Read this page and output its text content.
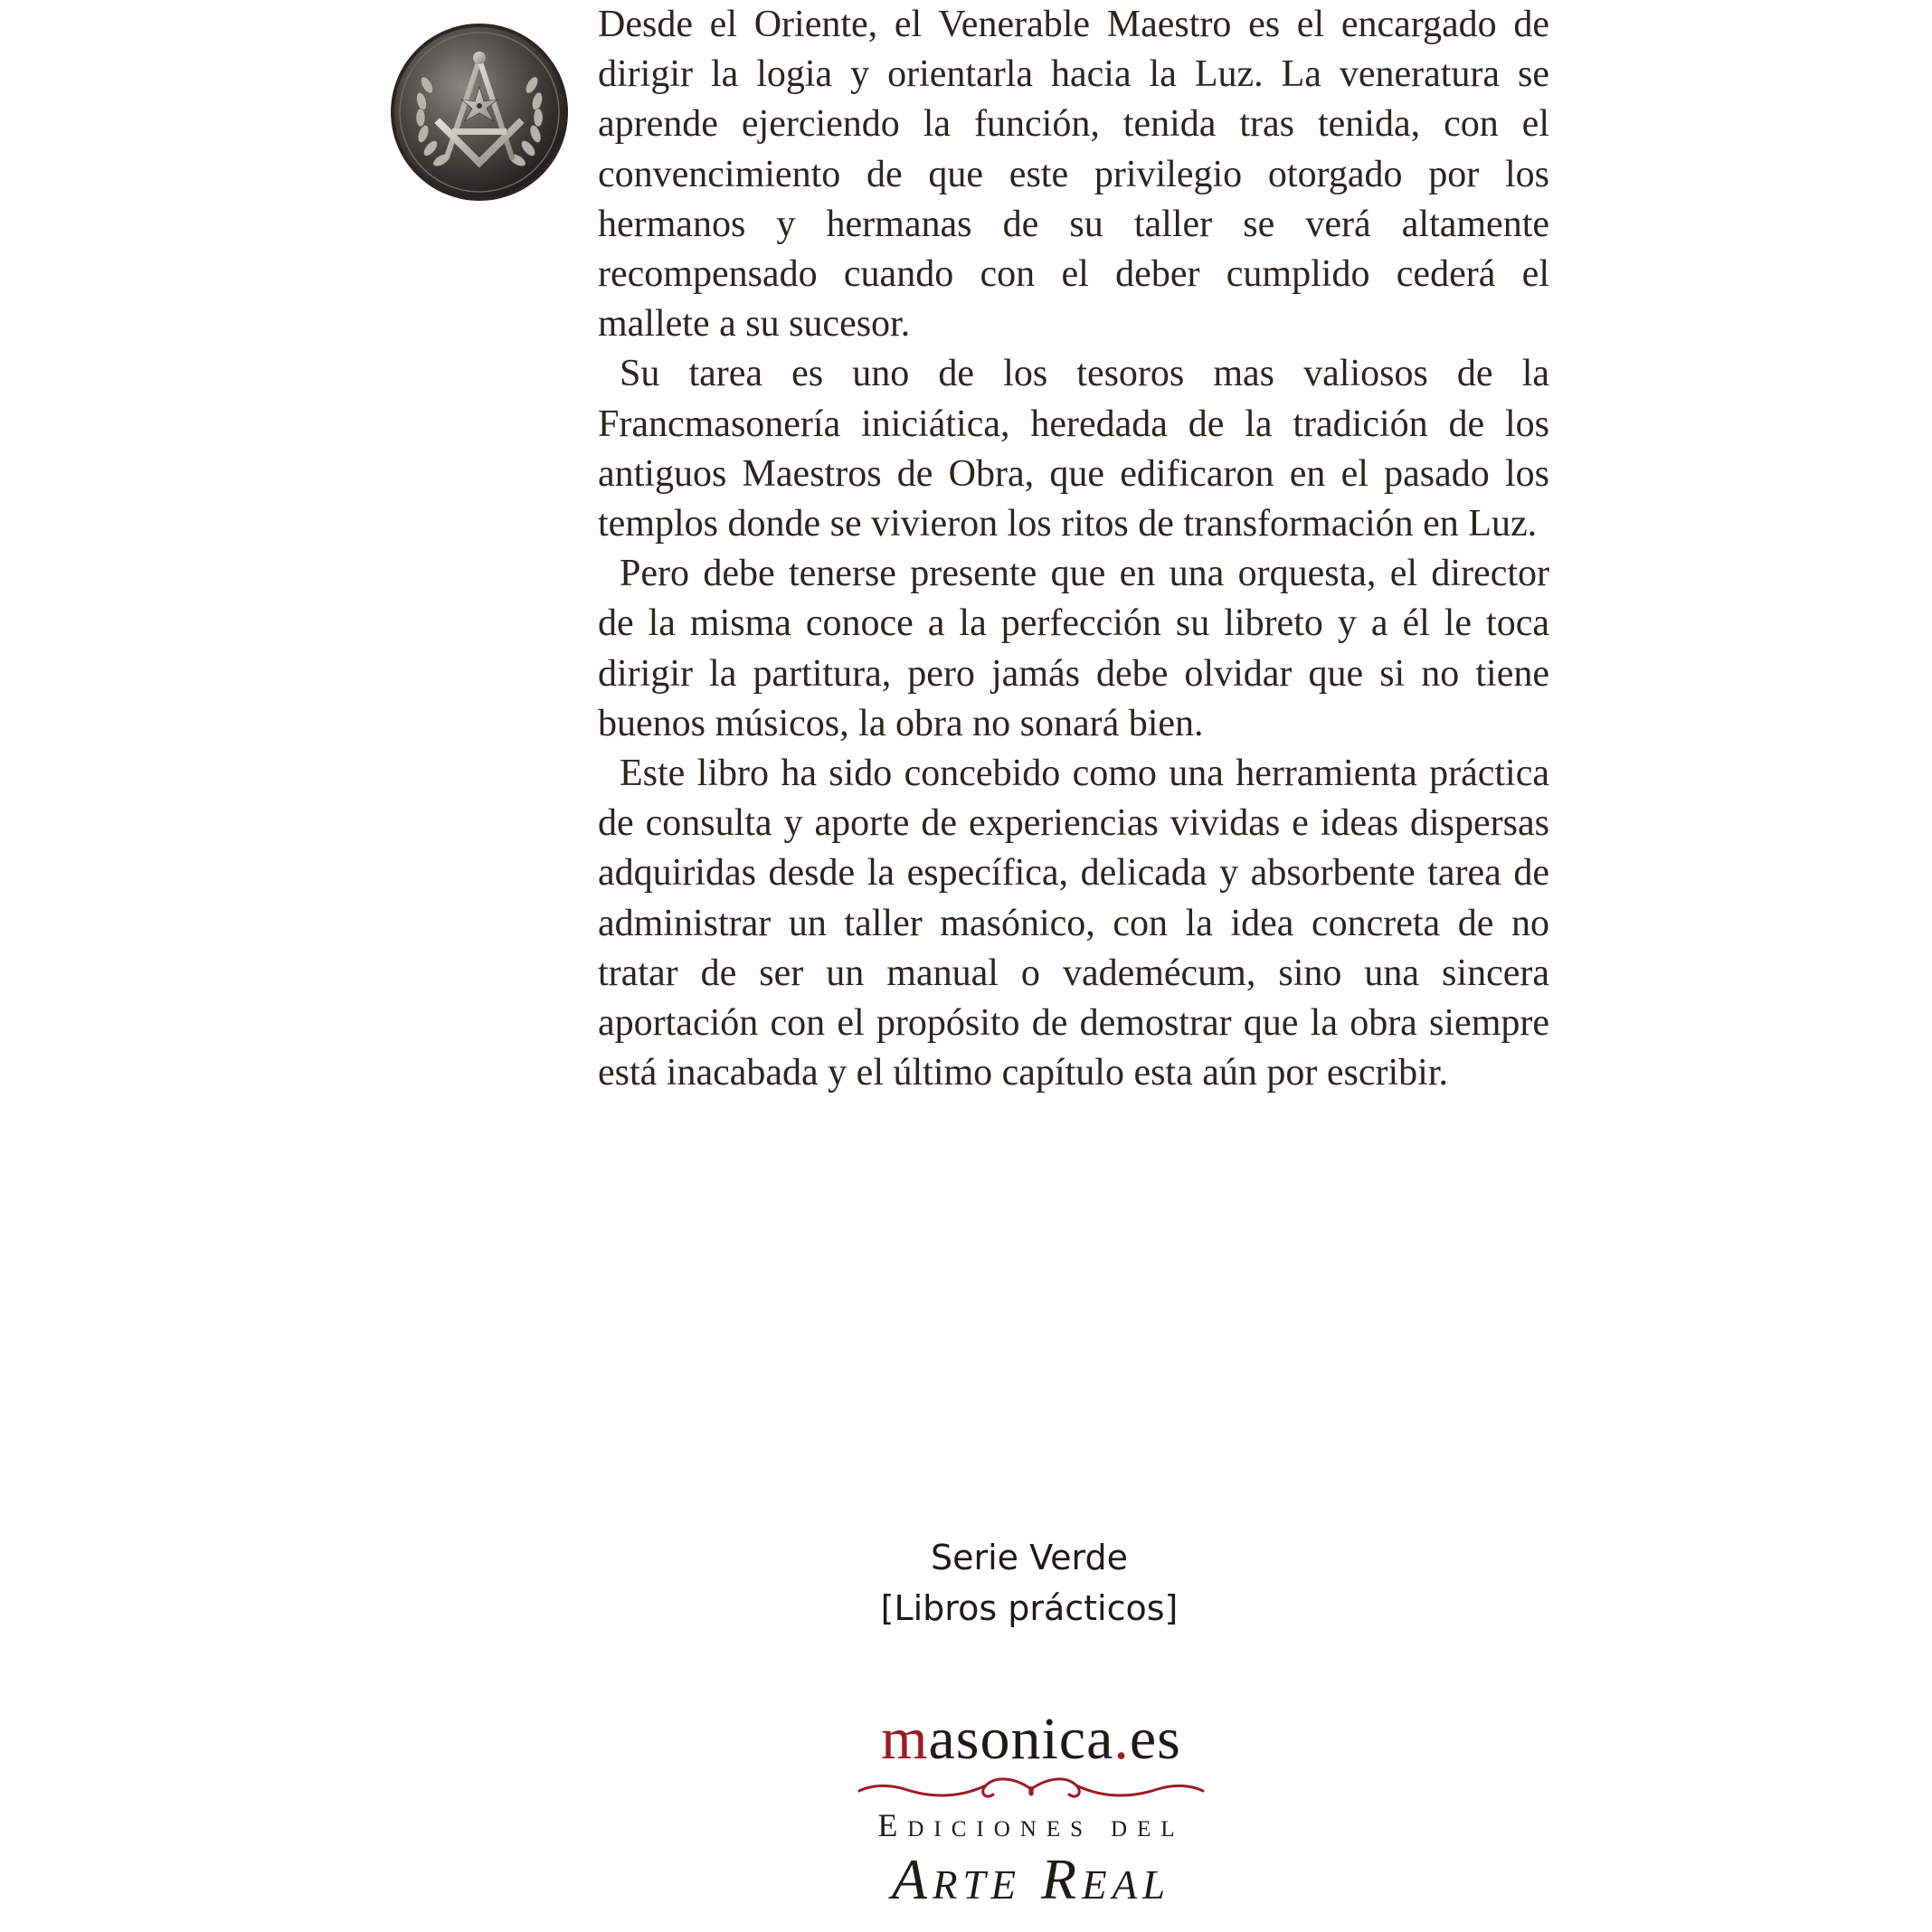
Desde el Oriente, el Venerable Maestro es el encargado de dirigir la logia y orientarla hacia la Luz. La veneratura se aprende ejerciendo la función, tenida tras tenida, con el convencimiento de que este privilegio otorgado por los hermanos y hermanas de su taller se verá altamente recompensado cuando con el deber cumplido cederá el mallete a su sucesor.

Su tarea es uno de los tesoros mas valiosos de la Francmasonería iniciática, heredada de la tradición de los antiguos Maestros de Obra, que edificaron en el pasado los templos donde se vivieron los ritos de transformación en Luz.

Pero debe tenerse presente que en una orquesta, el director de la misma conoce a la perfección su libreto y a él le toca dirigir la partitura, pero jamás debe olvidar que si no tiene buenos músicos, la obra no sonará bien.

Este libro ha sido concebido como una herramienta práctica de consulta y aporte de experiencias vividas e ideas dispersas adquiridas desde la específica, delicada y absorbente tarea de administrar un taller masónico, con la idea concreta de no tratar de ser un manual o vademécum, sino una sincera aportación con el propósito de demostrar que la obra siempre está inacabada y el último capítulo esta aún por escribir.

Serie Verde
[Libros prácticos]
masonica.es
Ediciones del
Arte Real
